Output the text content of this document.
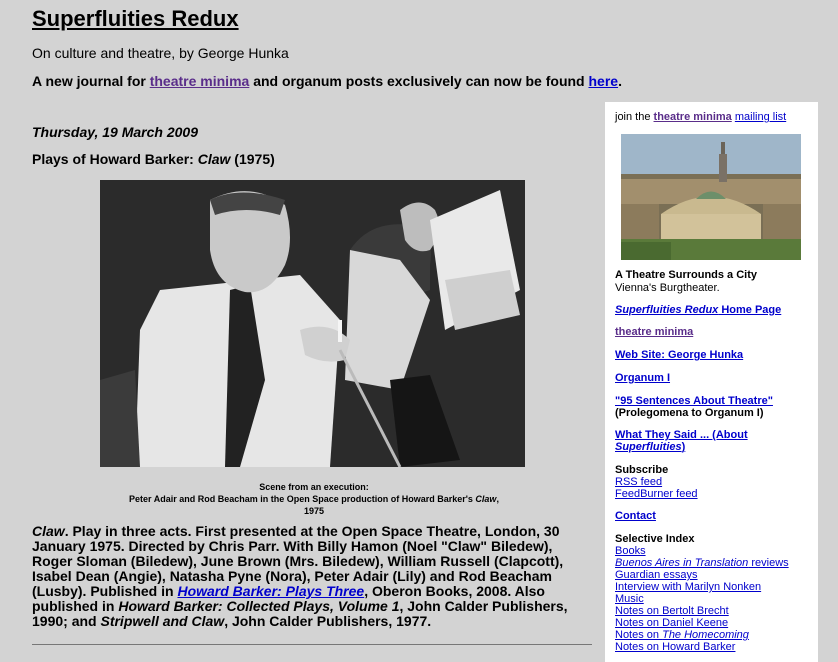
Superfluities Redux
On culture and theatre, by George Hunka
A new journal for theatre minima and organum posts exclusively can now be found here.
Thursday, 19 March 2009
Plays of Howard Barker: Claw (1975)
Scene from an execution:
Peter Adair and Rod Beacham in the Open Space production of Howard Barker's Claw,
1975
Claw. Play in three acts. First presented at the Open Space Theatre, London, 30 January 1975. Directed by Chris Parr. With Billy Hamon (Noel "Claw" Biledew), Roger Sloman (Biledew), June Brown (Mrs. Biledew), William Russell (Clapcott), Isabel Dean (Angie), Natasha Pyne (Nora), Peter Adair (Lily) and Rod Beacham (Lusby). Published in Howard Barker: Plays Three, Oberon Books, 2008. Also published in Howard Barker: Collected Plays, Volume 1, John Calder Publishers, 1990; and Stripwell and Claw, John Calder Publishers, 1977.
join the theatre minima mailing list
A Theatre Surrounds a City
Vienna's Burgtheater.
Superfluities Redux Home Page
theatre minima
Web Site: George Hunka
Organum I
"95 Sentences About Theatre"
(Prolegomena to Organum I)
What They Said ... (About
Superfluities)
Subscribe
RSS feed
FeedBurner feed
Contact
Selective Index
Books
Buenos Aires in Translation reviews
Guardian essays
Interview with Marilyn Nonken
Music
Notes on Bertolt Brecht
Notes on Daniel Keene
Notes on The Homecoming
Notes on Howard Barker
